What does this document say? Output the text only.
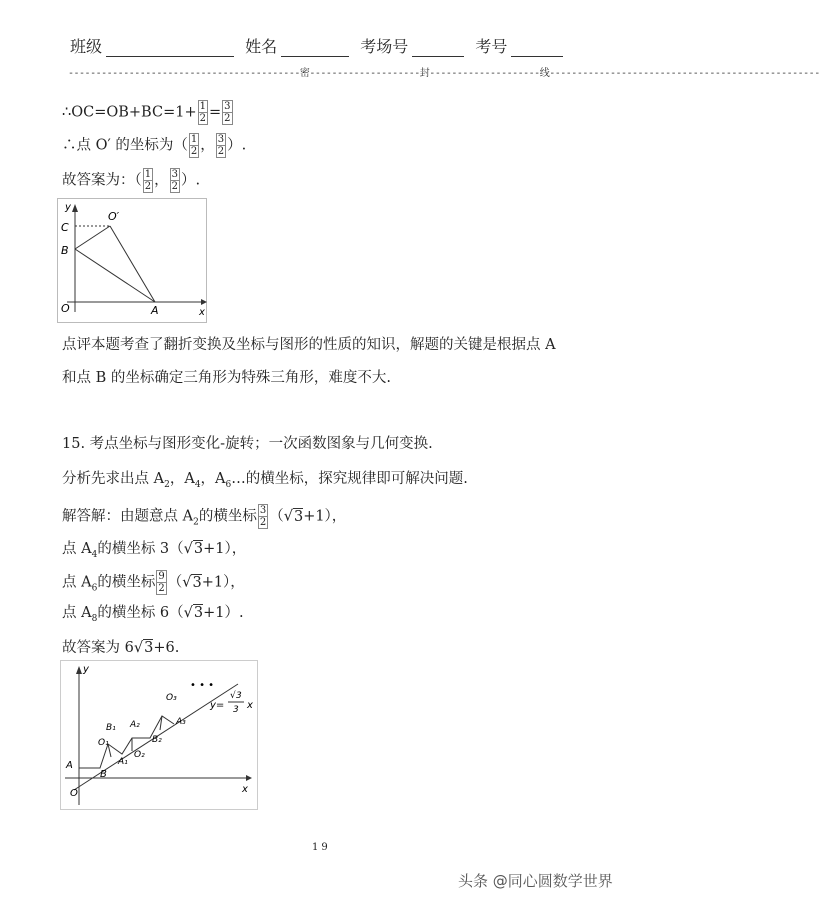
班级	姓名	考场号	考号
------------------------------------------密--------------------封--------------------线-------------------------------------------------
∴OC=OB+BC=1+ $\frac{1}{2} = \frac{3}{2}$
∴点 O′ 的坐标为（ $\frac{1}{2}$ ， $\frac{3}{2}$ ）.
故答案为：（ $\frac{1}{2}$ ， $\frac{3}{2}$ ）.
y
x
C
O′
B
O	A
点评本题考查了翻折变换及坐标与图形的性质的知识，解题的关键是根据点 A
和点 B 的坐标确定三角形为特殊三角形，难度不大.
15. 考点坐标与图形变化-旋转；一次函数图象与几何变换.
分析先求出点 $A_2$，$A_4$，$A_6\dots$的横坐标，探究规律即可解决问题.
解答解：由题意点 $A_2$的横坐标 $\frac{3}{2} (√3+1)$，
点 $A_4$的横坐标 3（√3+1），
点 $A_6$的横坐标 $\frac{9}{2} (√3+1)$，
点 $A_8$的横坐标 6（√3+1）.
故答案为 6√3+6.
A
B
O
y
x
O₁
B₁
A₁
A₂
O₂
B₂
O₃
A₃
• • •
y=
√ 3
3 x
19
头条 @同心圆数学世界
